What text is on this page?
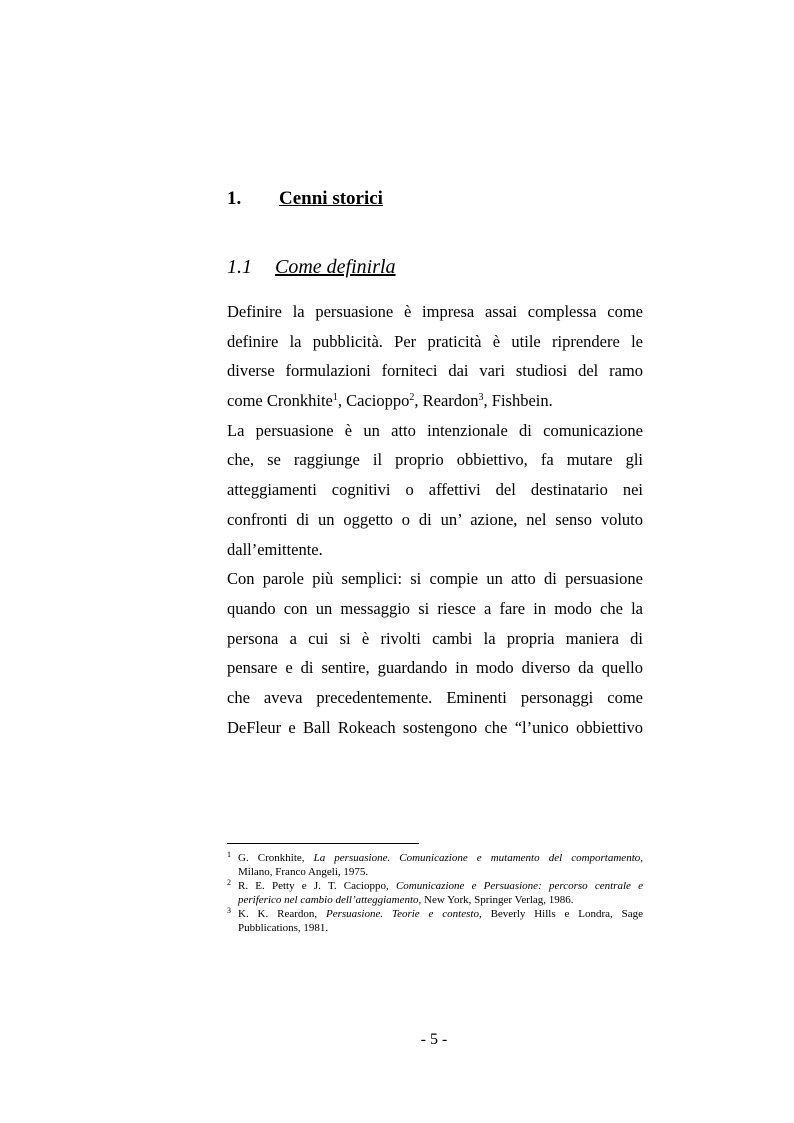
1. Cenni storici
1.1 Come definirla

Definire la persuasione è impresa assai complessa come
definire la pubblicità. Per praticità è utile riprendere le
diverse formulazioni forniteci dai vari studiosi del ramo
come Cronkhite$^1$, Cacioppo$^2$, Reardon$^3$, Fishbein.

La persuasione è un atto intenzionale di comunicazione
che, se raggiunge il proprio obbiettivo, fa mutare gli
atteggiamenti cognitivi o affettivi del destinatario nei
confronti di un oggetto o di un’ azione, nel senso voluto
dall’emittente.

Con parole più semplici: si compie un atto di persuasione
quando con un messaggio si riesce a fare in modo che la
persona a cui si è rivolti cambi la propria maniera di
pensare e di sentire, guardando in modo diverso da quello
che aveva precedentemente. Eminenti personaggi come
DeFleur e Ball Rokeach sostengono che “l’unico obbiettivo

1 G. Cronkhite, La persuasione. Comunicazione e mutamento del comportamento,
Milano, Franco Angeli, 1975.
2 R. E. Petty e J. T. Cacioppo, Comunicazione e Persuasione: percorso centrale e
periferico nel cambio dell’atteggiamento, New York, Springer Verlag, 1986.
3 K. K. Reardon, Persuasione. Teorie e contesto, Beverly Hills e Londra, Sage
Pubblications, 1981.
- 5 -
